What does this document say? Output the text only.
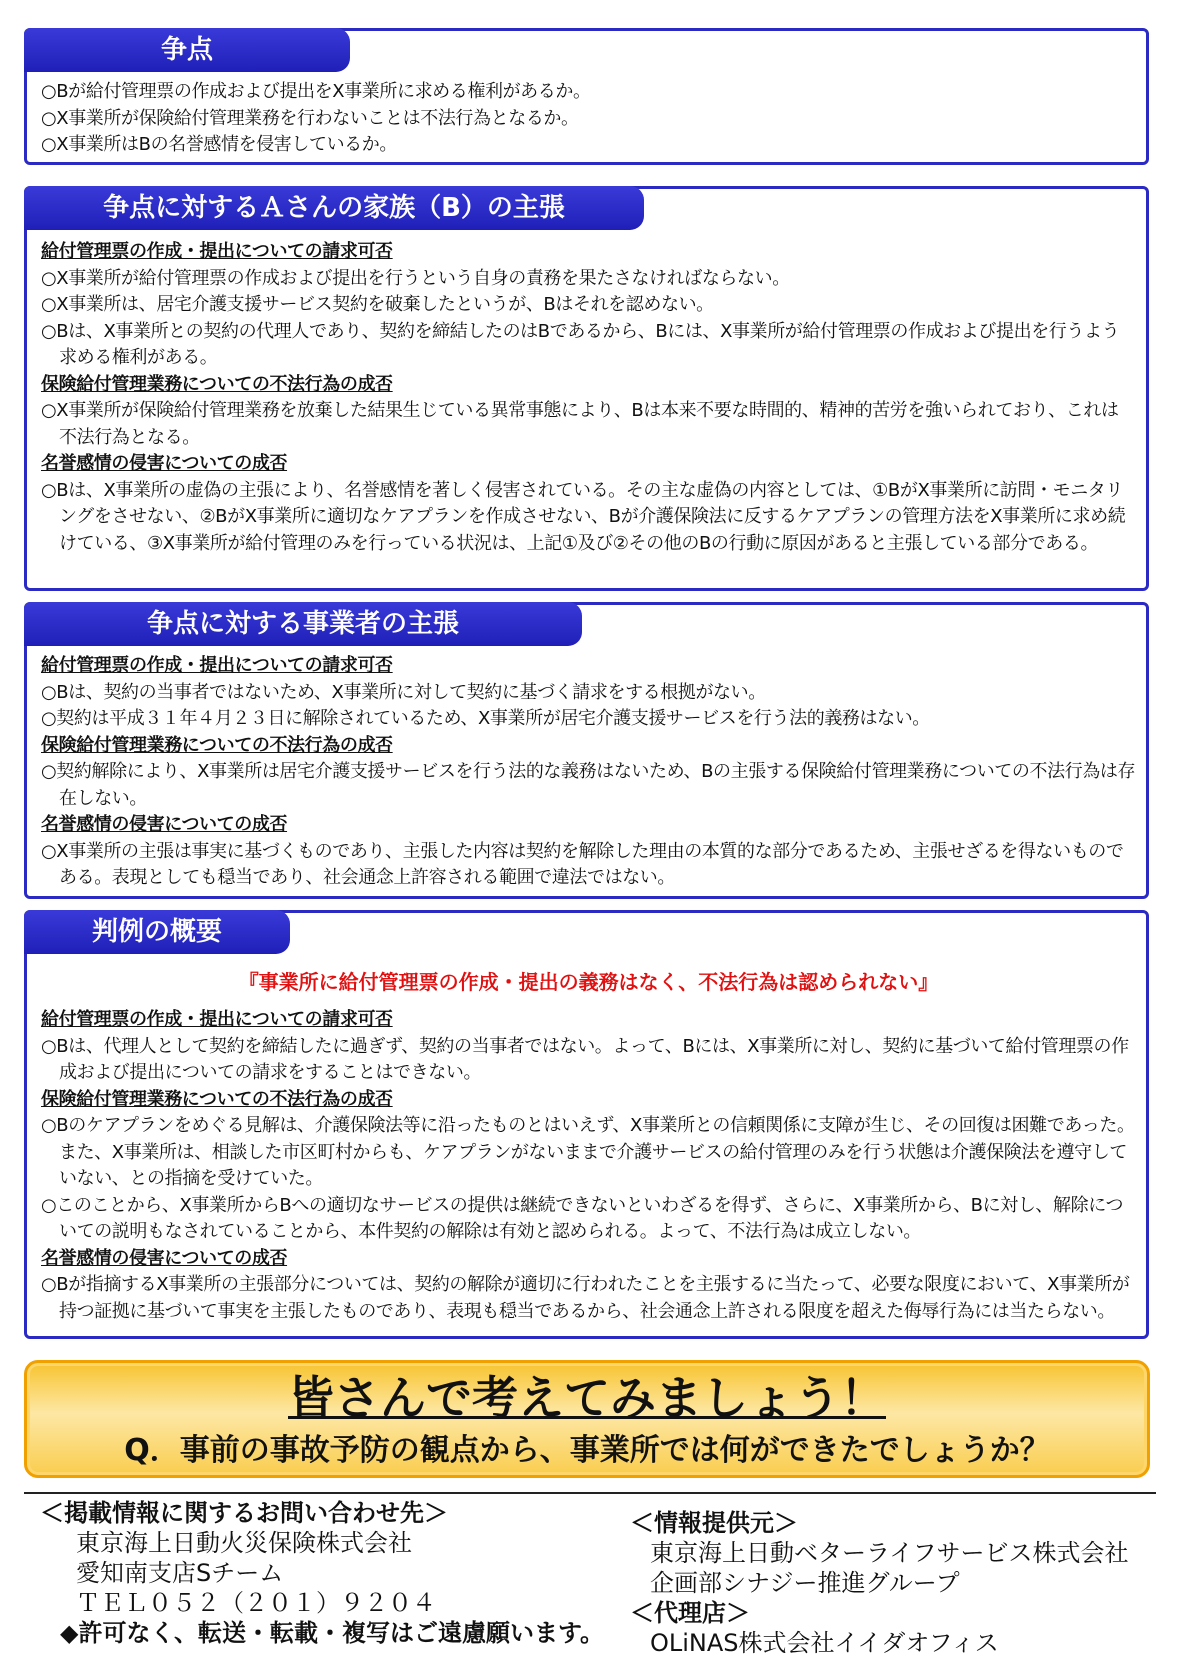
争点
○Bが給付管理票の作成および提出をX事業所に求める権利があるか。
○X事業所が保険給付管理業務を行わないことは不法行為となるか。
○X事業所はBの名誉感情を侵害しているか。
争点に対するＡさんの家族（B）の主張
給付管理票の作成・提出についての請求可否
○X事業所が給付管理票の作成および提出を行うという自身の責務を果たさなければならない。
○X事業所は、居宅介護支援サービス契約を破棄したというが、Bはそれを認めない。
○Bは、X事業所との契約の代理人であり、契約を締結したのはBであるから、Bには、X事業所が給付管理票の作成および提出を行うよう求める権利がある。
保険給付管理業務についての不法行為の成否
○X事業所が保険給付管理業務を放棄した結果生じている異常事態により、Bは本来不要な時間的、精神的苦労を強いられており、これは不法行為となる。
名誉感情の侵害についての成否
○Bは、X事業所の虚偽の主張により、名誉感情を著しく侵害されている。その主な虚偽の内容としては、①BがX事業所に訪問・モニタリングをさせない、②BがX事業所に適切なケアプランを作成させない、Bが介護保険法に反するケアプランの管理方法をX事業所に求め続けている、③X事業所が給付管理のみを行っている状況は、上記①及び②その他のBの行動に原因があると主張している部分である。
争点に対する事業者の主張
給付管理票の作成・提出についての請求可否
○Bは、契約の当事者ではないため、X事業所に対して契約に基づく請求をする根拠がない。
○契約は平成３１年４月２３日に解除されているため、X事業所が居宅介護支援サービスを行う法的義務はない。
保険給付管理業務についての不法行為の成否
○契約解除により、X事業所は居宅介護支援サービスを行う法的な義務はないため、Bの主張する保険給付管理業務についての不法行為は存在しない。
名誉感情の侵害についての成否
○X事業所の主張は事実に基づくものであり、主張した内容は契約を解除した理由の本質的な部分であるため、主張せざるを得ないものである。表現としても穏当であり、社会通念上許容される範囲で違法ではない。
判例の概要
『事業所に給付管理票の作成・提出の義務はなく、不法行為は認められない』
給付管理票の作成・提出についての請求可否
○Bは、代理人として契約を締結したに過ぎず、契約の当事者ではない。よって、Bには、X事業所に対し、契約に基づいて給付管理票の作成および提出についての請求をすることはできない。
保険給付管理業務についての不法行為の成否
○Bのケアプランをめぐる見解は、介護保険法等に沿ったものとはいえず、X事業所との信頼関係に支障が生じ、その回復は困難であった。また、X事業所は、相談した市区町村からも、ケアプランがないままで介護サービスの給付管理のみを行う状態は介護保険法を遵守していない、との指摘を受けていた。
○このことから、X事業所からBへの適切なサービスの提供は継続できないといわざるを得ず、さらに、X事業所から、Bに対し、解除についての説明もなされていることから、本件契約の解除は有効と認められる。よって、不法行為は成立しない。
名誉感情の侵害についての成否
○Bが指摘するX事業所の主張部分については、契約の解除が適切に行われたことを主張するに当たって、必要な限度において、X事業所が持つ証拠に基づいて事実を主張したものであり、表現も穏当であるから、社会通念上許される限度を超えた侮辱行為には当たらない。
皆さんで考えてみましょう！
Q．事前の事故予防の観点から、事業所では何ができたでしょうか？
＜掲載情報に関するお問い合わせ先＞
東京海上日動火災保険株式会社
愛知南支店Sチーム
ＴＥＬ０５２（２０１）９２０４
◆許可なく、転送・転載・複写はご遠慮願います。
＜情報提供元＞
東京海上日動ベターライフサービス株式会社
企画部シナジー推進グループ
＜代理店＞
OLiNAS株式会社イイダオフィス
